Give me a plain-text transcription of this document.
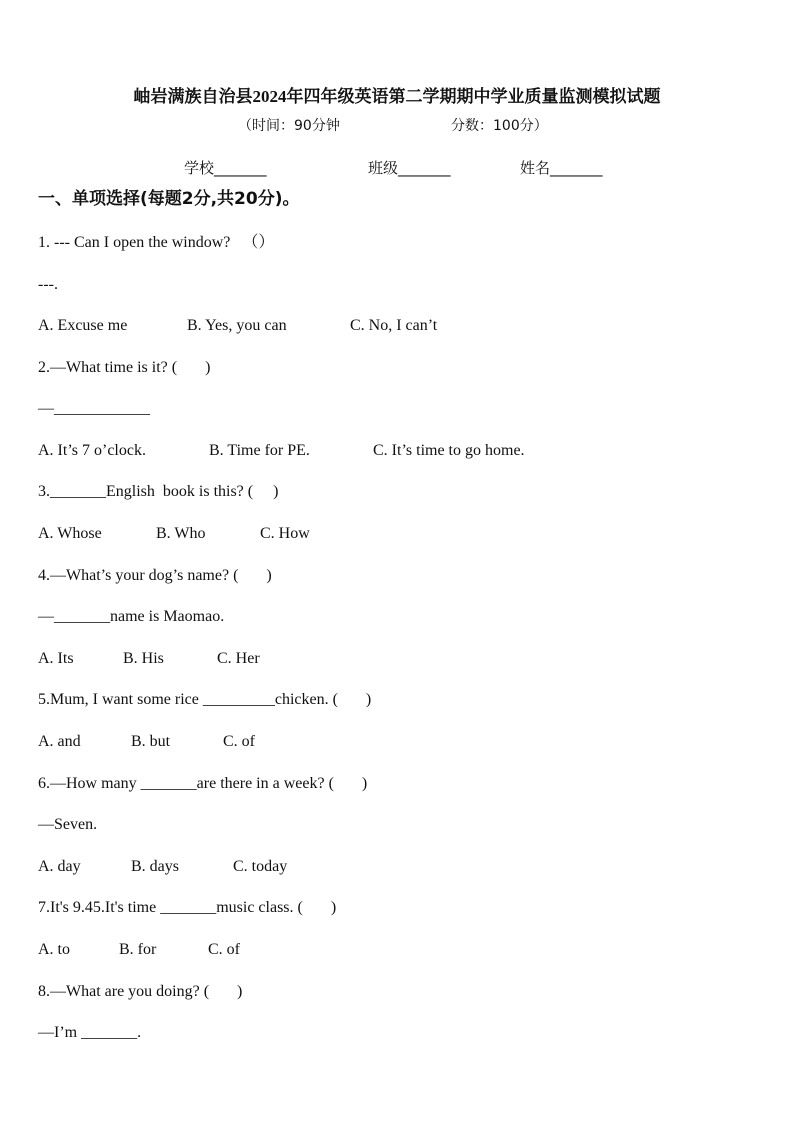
岫岩满族自治县2024年四年级英语第二学期期中学业质量监测模拟试题
（时间：90分钟	分数：100分）
学校_______	班级_______	姓名_______
一、单项选择(每题2分,共20分)。
1. --- Can I open the window?   （）
---.
A. Excuse me	B. Yes, you can	C. No, I can’t
2.—What time is it? (       )
—____________
A. It’s 7 o’clock.	B. Time for PE.	C. It’s time to go home.
3._______English  book is this? (     )
A. Whose	B. Who	C. How
4.—What’s your dog’s name? (       )
—_______name is Maomao.
A. Its	B. His	C. Her
5.Mum, I want some rice _________chicken. (       )
A. and	B. but	C. of
6.—How many _______are there in a week? (       )
—Seven.
A. day	B. days	C. today
7.It's 9.45.It's time _______music class. (       )
A. to	B. for	C. of
8.—What are you doing? (       )
—I’m _______.
